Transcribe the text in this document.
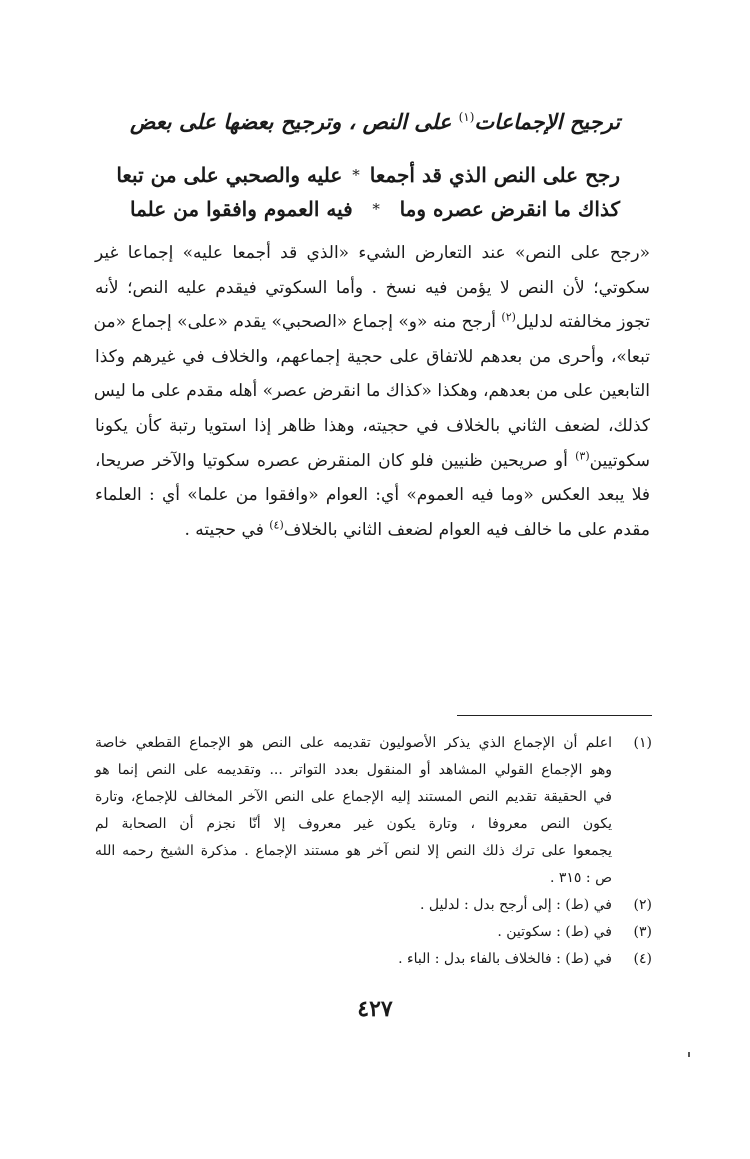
ترجيح الإجماعات$^{(١)}$ على النص ، وترجيح بعضها على بعض
رجح على النص الذي قد أجمعا
*
عليه والصحبي على من تبعا
كذاك ما انقرض عصره وما
*
فيه العموم وافقوا من علما
«رجح على النص» عند التعارض الشيء «الذي قد أجمعا عليه» إجماعا غير
سكوتي؛ لأن النص لا يؤمن فيه نسخ . وأما السكوتي فيقدم عليه النص؛ لأنه
تجوز مخالفته لدليل$^{(٢)}$ أرجح منه «و» إجماع «الصحبي» يقدم «على» إجماع «من
تبعا»، وأحرى من بعدهم للاتفاق على حجية إجماعهم، والخلاف في غيرهم وكذا
التابعين على من بعدهم، وهكذا «كذاك ما انقرض عصر» أهله مقدم على ما ليس
كذلك، لضعف الثاني بالخلاف في حجيته، وهذا ظاهر إذا استويا رتبة كأن يكونا
سكوتيين$^{(٣)}$ أو صريحين ظنيين فلو كان المنقرض عصره سكوتيا والآخر صريحا،
فلا يبعد العكس «وما فيه العموم» أي: العوام «وافقوا من علما» أي : العلماء
مقدم على ما خالف فيه العوام لضعف الثاني بالخلاف$^{(٤)}$ في حجيته .
(١)
اعلم أن الإجماع الذي يذكر الأصوليون تقديمه على النص هو الإجماع القطعي خاصة
وهو الإجماع القولي المشاهد أو المنقول بعدد التواتر ... وتقديمه على النص إنما هو
في الحقيقة تقديم النص المستند إليه الإجماع على النص الآخر المخالف للإجماع، وتارة
يكون النص معروفا ، وتارة يكون غير معروف إلا أنّا نجزم أن الصحابة لم
يجمعوا على ترك ذلك النص إلا لنص آخر هو مستند الإجماع . مذكرة الشيخ رحمه الله
ص : ٣١٥ .
(٢)
في (ط) : إلى أرجح بدل : لدليل .
(٣)
في (ط) : سكوتين .
(٤)
في (ط) : فالخلاف بالفاء بدل : الباء .
٤٢٧
